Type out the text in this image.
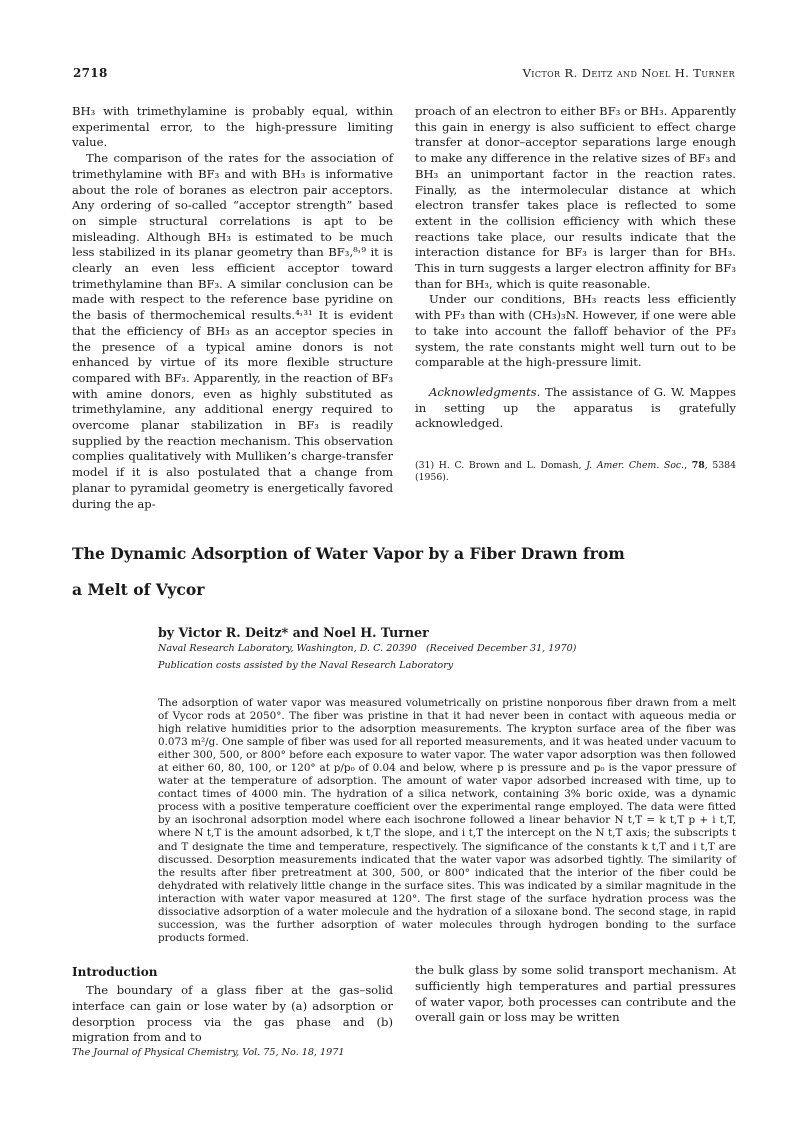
2718	Victor R. Deitz and Noel H. Turner

BH₃ with trimethylamine is probably equal, within experimental error, to the high-pressure limiting value.

The comparison of the rates for the association of trimethylamine with BF₃ and with BH₃ is informative about the role of boranes as electron pair acceptors. Any ordering of so-called “acceptor strength” based on simple structural correlations is apt to be misleading. Although BH₃ is estimated to be much less stabilized in its planar geometry than BF₃,⁸˒⁹ it is clearly an even less efficient acceptor toward trimethylamine than BF₃. A similar conclusion can be made with respect to the reference base pyridine on the basis of thermochemical results.⁴˒³¹ It is evident that the efficiency of BH₃ as an acceptor species in the presence of a typical amine donors is not enhanced by virtue of its more flexible structure compared with BF₃. Apparently, in the reaction of BF₃ with amine donors, even as highly substituted as trimethylamine, any additional energy required to overcome planar stabilization in BF₃ is readily supplied by the reaction mechanism. This observation complies qualitatively with Mulliken’s charge-transfer model if it is also postulated that a change from planar to pyramidal geometry is energetically favored during the ap-

proach of an electron to either BF₃ or BH₃. Apparently this gain in energy is also sufficient to effect charge transfer at donor–acceptor separations large enough to make any difference in the relative sizes of BF₃ and BH₃ an unimportant factor in the reaction rates. Finally, as the intermolecular distance at which electron transfer takes place is reflected to some extent in the collision efficiency with which these reactions take place, our results indicate that the interaction distance for BF₃ is larger than for BH₃. This in turn suggests a larger electron affinity for BF₃ than for BH₃, which is quite reasonable.

Under our conditions, BH₃ reacts less efficiently with PF₃ than with (CH₃)₃N. However, if one were able to take into account the falloff behavior of the PF₃ system, the rate constants might well turn out to be comparable at the high-pressure limit.

Acknowledgments. The assistance of G. W. Mappes in setting up the apparatus is gratefully acknowledged.

(31) H. C. Brown and L. Domash, J. Amer. Chem. Soc., 78, 5384 (1956).
The Dynamic Adsorption of Water Vapor by a Fiber Drawn from a Melt of Vycor
by Victor R. Deitz* and Noel H. Turner
Naval Research Laboratory, Washington, D. C. 20390 (Received December 31, 1970)
Publication costs assisted by the Naval Research Laboratory
The adsorption of water vapor was measured volumetrically on pristine nonporous fiber drawn from a melt of Vycor rods at 2050°. The fiber was pristine in that it had never been in contact with aqueous media or high relative humidities prior to the adsorption measurements. The krypton surface area of the fiber was 0.073 m²/g. One sample of fiber was used for all reported measurements, and it was heated under vacuum to either 300, 500, or 800° before each exposure to water vapor. The water vapor adsorption was then followed at either 60, 80, 100, or 120° at p/p₀ of 0.04 and below, where p is pressure and p₀ is the vapor pressure of water at the temperature of adsorption. The amount of water vapor adsorbed increased with time, up to contact times of 4000 min. The hydration of a silica network, containing 3% boric oxide, was a dynamic process with a positive temperature coefficient over the experimental range employed. The data were fitted by an isochronal adsorption model where each isochrone followed a linear behavior N t,T = k t,T p + i t,T, where N t,T is the amount adsorbed, k t,T the slope, and i t,T the intercept on the N t,T axis; the subscripts t and T designate the time and temperature, respectively. The significance of the constants k t,T and i t,T are discussed. Desorption measurements indicated that the water vapor was adsorbed tightly. The similarity of the results after fiber pretreatment at 300, 500, or 800° indicated that the interior of the fiber could be dehydrated with relatively little change in the surface sites. This was indicated by a similar magnitude in the interaction with water vapor measured at 120°. The first stage of the surface hydration process was the dissociative adsorption of a water molecule and the hydration of a siloxane bond. The second stage, in rapid succession, was the further adsorption of water molecules through hydrogen bonding to the surface products formed.
Introduction
The boundary of a glass fiber at the gas–solid interface can gain or lose water by (a) adsorption or desorption process via the gas phase and (b) migration from and to
the bulk glass by some solid transport mechanism. At sufficiently high temperatures and partial pressures of water vapor, both processes can contribute and the overall gain or loss may be written
The Journal of Physical Chemistry, Vol. 75, No. 18, 1971
